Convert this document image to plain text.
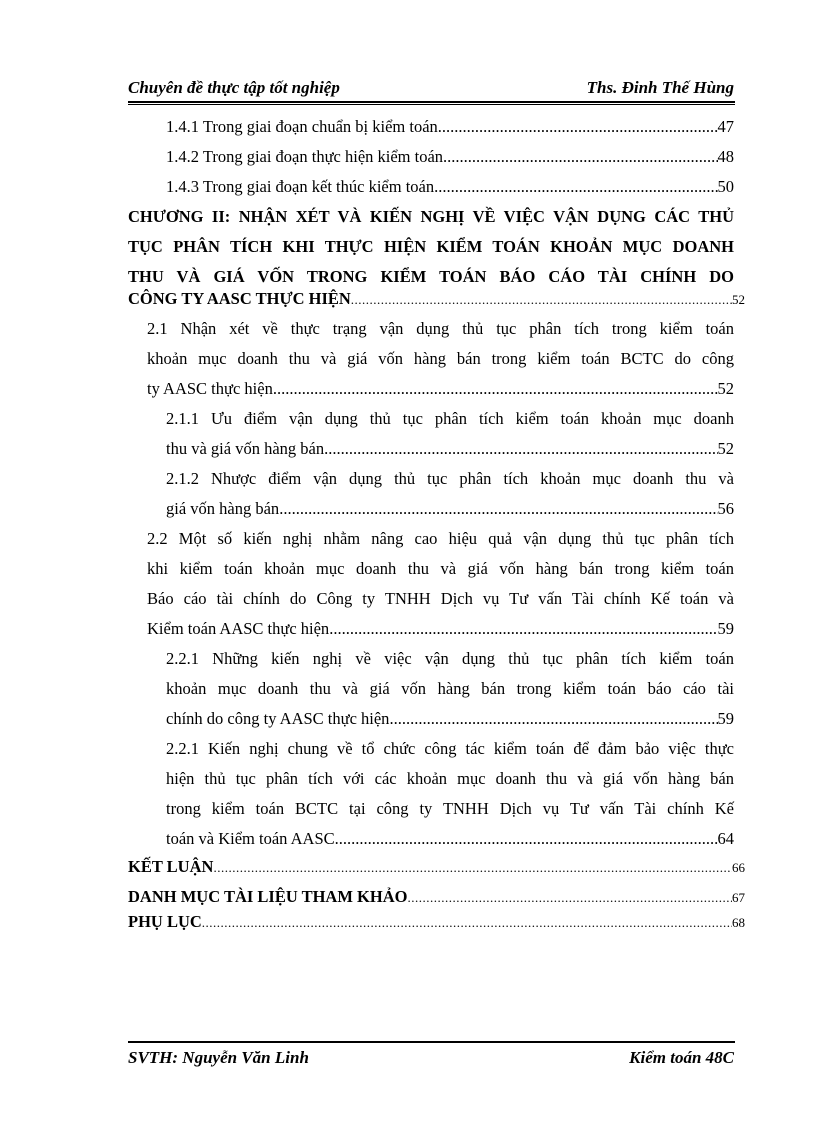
Chuyên đề thực tập tốt nghiệp	Ths. Đinh Thế Hùng
1.4.1 Trong giai đoạn chuẩn bị kiểm toán .....	47
1.4.2 Trong giai đoạn thực hiện kiểm toán .....	48
1.4.3 Trong giai đoạn kết thúc kiểm toán .....	50
CHƯƠNG II: NHẬN XÉT VÀ KIẾN NGHỊ VỀ VIỆC VẬN DỤNG CÁC THỦ
TỤC PHÂN TÍCH KHI THỰC HIỆN KIỂM TOÁN KHOẢN MỤC DOANH
THU VÀ GIÁ VỐN TRONG KIỂM TOÁN BÁO CÁO TÀI CHÍNH DO
CÔNG TY AASC THỰC HIỆN .....	52
2.1 Nhận xét về thực trạng vận dụng thủ tục phân tích trong kiểm toán
khoản mục doanh thu và giá vốn hàng bán trong kiểm toán BCTC do công
ty AASC thực hiện .....	52
2.1.1 Ưu điểm vận dụng thủ tục phân tích kiểm toán khoản mục doanh
thu và giá vốn hàng bán .....	52
2.1.2 Nhược điểm vận dụng thủ tục phân tích khoản mục doanh thu và
giá vốn hàng bán .....	56
2.2 Một số kiến nghị nhằm nâng cao hiệu quả vận dụng thủ tục phân tích
khi kiểm toán khoản mục doanh thu và giá vốn hàng bán trong kiểm toán
Báo cáo tài chính do Công ty TNHH Dịch vụ Tư vấn Tài chính Kế toán và
Kiểm toán AASC thực hiện .....	59
2.2.1 Những kiến nghị về việc vận dụng thủ tục phân tích kiểm toán
khoản mục doanh thu và giá vốn hàng bán trong kiểm toán báo cáo tài
chính do công ty AASC thực hiện .....	59
2.2.1 Kiến nghị chung về tổ chức công tác kiểm toán để đảm bảo việc thực
hiện thủ tục phân tích với các khoản mục doanh thu và giá vốn hàng bán
trong kiểm toán BCTC tại công ty TNHH Dịch vụ Tư vấn Tài chính Kế
toán và Kiểm toán AASC .....	64
KẾT LUẬN .....	66
DANH MỤC TÀI LIỆU THAM KHẢO .....	67
PHỤ LỤC .....	68
SVTH: Nguyễn Văn Linh	Kiểm toán 48C
